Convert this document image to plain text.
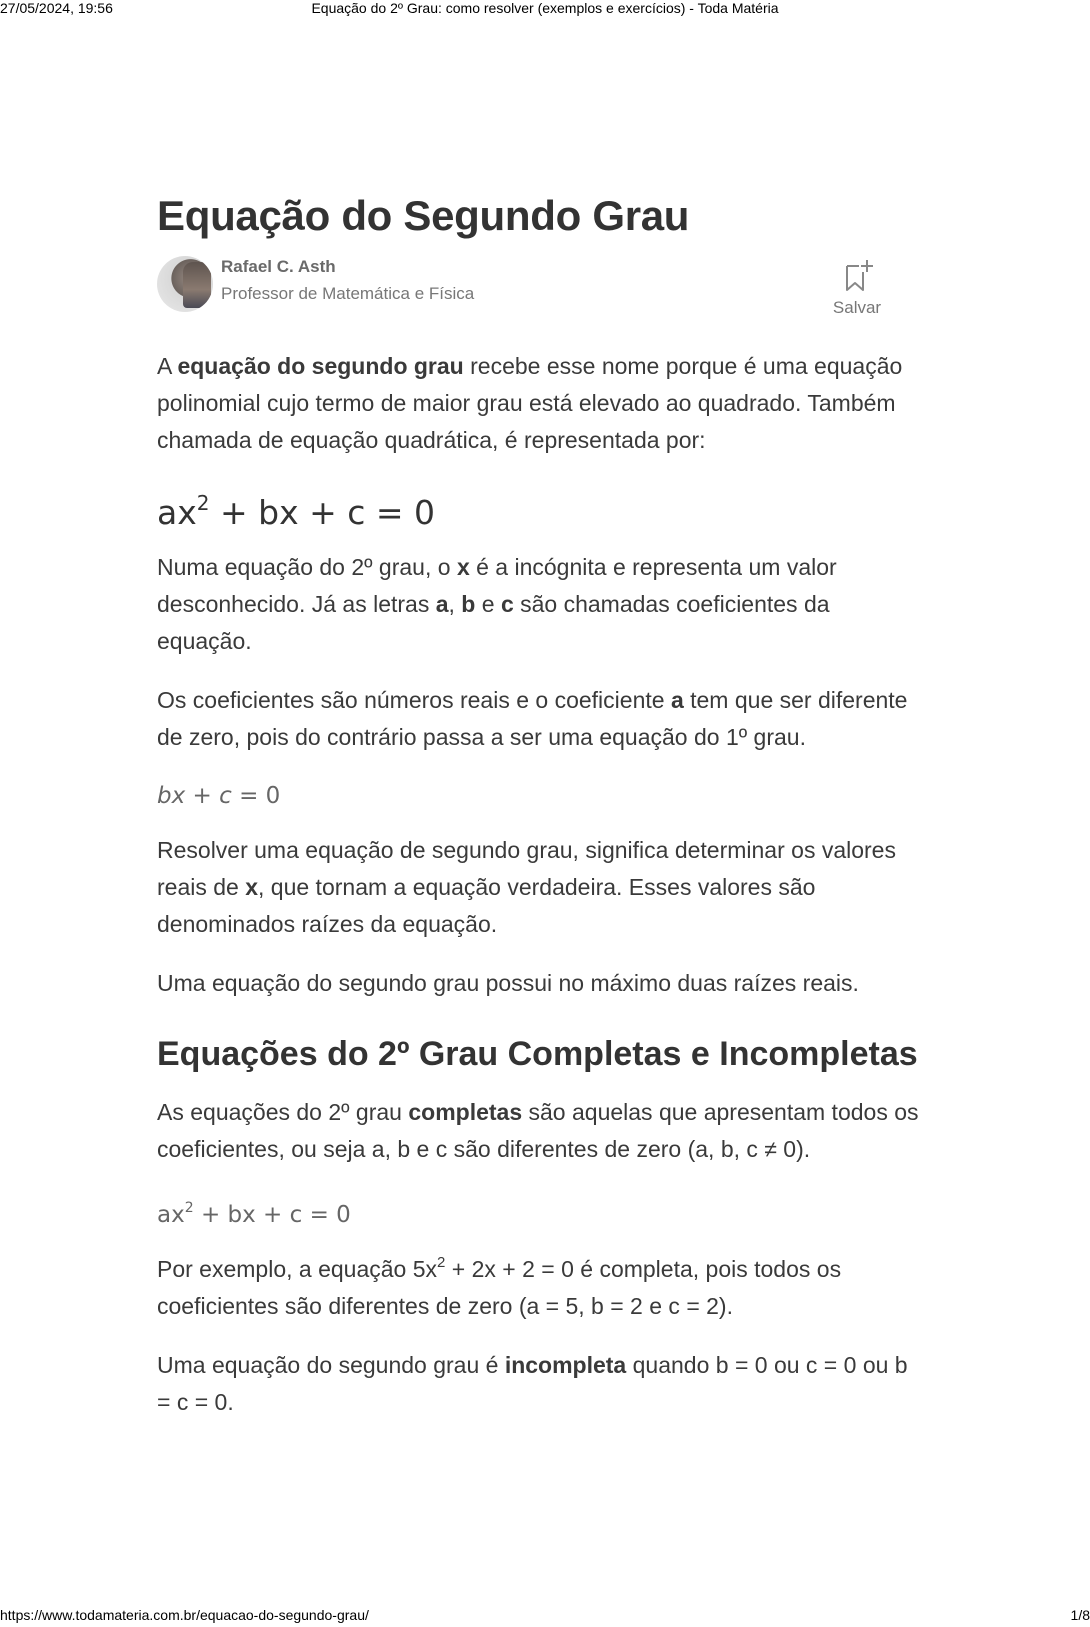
27/05/2024, 19:56	Equação do 2º Grau: como resolver (exemplos e exercícios) - Toda Matéria
Equação do Segundo Grau
Rafael C. Asth
Professor de Matemática e Física
Salvar

A equação do segundo grau recebe esse nome porque é uma equação polinomial cujo termo de maior grau está elevado ao quadrado. Também chamada de equação quadrática, é representada por:

$ax^2$ + bx + c = 0

Numa equação do 2º grau, o x é a incógnita e representa um valor desconhecido. Já as letras a, b e c são chamadas coeficientes da equação.

Os coeficientes são números reais e o coeficiente a tem que ser diferente de zero, pois do contrário passa a ser uma equação do 1º grau.

bx + c = 0

Resolver uma equação de segundo grau, significa determinar os valores reais de x, que tornam a equação verdadeira. Esses valores são denominados raízes da equação.

Uma equação do segundo grau possui no máximo duas raízes reais.

Equações do 2º Grau Completas e Incompletas

As equações do 2º grau completas são aquelas que apresentam todos os coeficientes, ou seja a, b e c são diferentes de zero (a, b, c ≠ 0).

$ax^2$ + bx + c = 0

Por exemplo, a equação $5x^2 + 2x + 2 = 0$ é completa, pois todos os coeficientes são diferentes de zero (a = 5, b = 2 e c = 2).

Uma equação do segundo grau é incompleta quando b = 0 ou c = 0 ou b = c = 0.

https://www.todamateria.com.br/equacao-do-segundo-grau/	1/8
